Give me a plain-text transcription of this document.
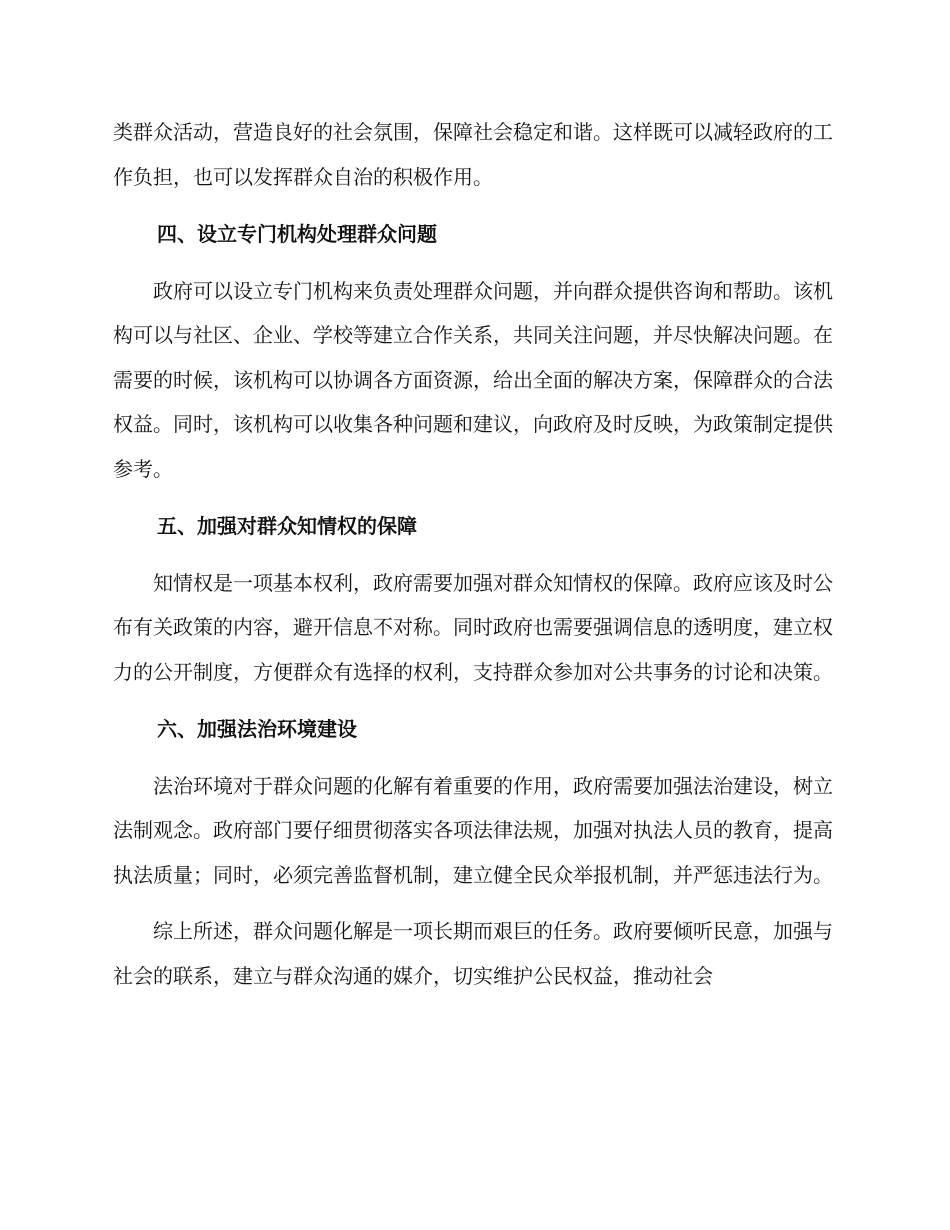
类群众活动，营造良好的社会氛围，保障社会稳定和谐。这样既可以减轻政府的工作负担，也可以发挥群众自治的积极作用。

四、设立专门机构处理群众问题

政府可以设立专门机构来负责处理群众问题，并向群众提供咨询和帮助。该机构可以与社区、企业、学校等建立合作关系，共同关注问题，并尽快解决问题。在需要的时候，该机构可以协调各方面资源，给出全面的解决方案，保障群众的合法权益。同时，该机构可以收集各种问题和建议，向政府及时反映，为政策制定提供参考。

五、加强对群众知情权的保障

知情权是一项基本权利，政府需要加强对群众知情权的保障。政府应该及时公布有关政策的内容，避开信息不对称。同时政府也需要强调信息的透明度，建立权力的公开制度，方便群众有选择的权利，支持群众参加对公共事务的讨论和决策。

六、加强法治环境建设

法治环境对于群众问题的化解有着重要的作用，政府需要加强法治建设，树立法制观念。政府部门要仔细贯彻落实各项法律法规，加强对执法人员的教育，提高执法质量；同时，必须完善监督机制，建立健全民众举报机制，并严惩违法行为。

综上所述，群众问题化解是一项长期而艰巨的任务。政府要倾听民意，加强与社会的联系，建立与群众沟通的媒介，切实维护公民权益，推动社会
